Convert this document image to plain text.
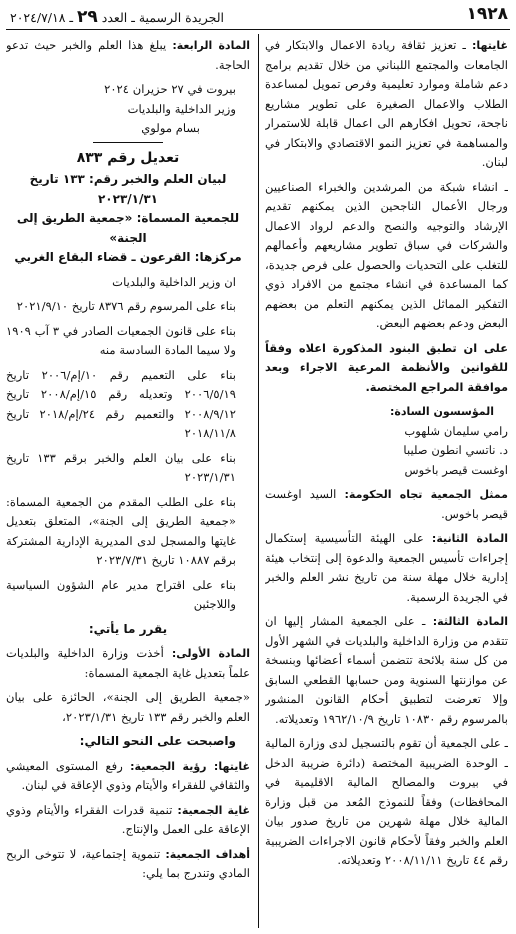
١٩٢٨
الجريدة الرسمية ـ العدد ٢٩ ـ ٢٠٢٤/٧/١٨

غايتها: ـ تعزيز ثقافة ريادة الاعمال والابتكار في الجامعات والمجتمع اللبناني من خلال تقديم برامج دعم شاملة وموارد تعليمية وفرص تمويل لمساعدة الطلاب والاعمال الصغيرة على تطوير مشاريع ناجحة، تحويل افكارهم الى اعمال قابلة للاستمرار والمساهمة في تعزيز النمو الاقتصادي والابتكار في لبنان.

ـ انشاء شبكة من المرشدين والخبراء الصناعيين ورجال الأعمال الناجحين الذين يمكنهم تقديم الإرشاد والتوجيه والنصح والدعم لرواد الاعمال والشركات في سباق تطوير مشاريعهم وأعمالهم للتغلب على التحديات والحصول على فرص جديدة، كما المساعدة في انشاء مجتمع من الافراد ذوي التفكير المماثل الذين يمكنهم التعلم من بعضهم البعض ودعم بعضهم البعض.

على ان تطبق البنود المذكورة اعلاه وفقاً للقوانين والأنظمة المرعية الاجراء وبعد موافقة المراجع المختصة.

المؤسسون السادة:

رامي سليمان شلهوب

د. ناتسي انطون صليبا

اوغست قيصر باخوس

ممثل الجمعية تجاه الحكومة: السيد اوغست قيصر باخوس.

المادة الثانية: على الهيئة التأسيسية إستكمال إجراءات تأسيس الجمعية والدعوة إلى إنتخاب هيئة إدارية خلال مهلة سنة من تاريخ نشر العلم والخبر في الجريدة الرسمية.

المادة الثالثة: ـ على الجمعية المشار إليها ان تتقدم من وزارة الداخلية والبلديات في الشهر الأول من كل سنة بلائحة تتضمن أسماء أعضائها وبنسخة عن موازنتها السنوية ومن حسابها القطعي السابق وإلا تعرضت لتطبيق أحكام القانون المنشور بالمرسوم رقم ١٠٨٣٠ تاريخ ١٩٦٢/١٠/٩ وتعديلاته.

ـ على الجمعية أن تقوم بالتسجيل لدى وزارة المالية ـ الوحدة الضريبية المختصة (دائرة ضريبة الدخل في بيروت والمصالح المالية الاقليمية في المحافظات) وفقاً للنموذج المُعد من قبل وزارة المالية خلال مهلة شهرين من تاريخ صدور بيان العلم والخبر وفقاً لأحكام قانون الاجراءات الضريبية رقم ٤٤ تاريخ ٢٠٠٨/١١/١١ وتعديلاته.

المادة الرابعة: يبلغ هذا العلم والخبر حيث تدعو الحاجة.

بيروت في ٢٧ حزيران ٢٠٢٤

وزير الداخلية والبلديات

بسام مولوي

تعديل رقم ٨٣٣

لبيان العلم والخبر رقم: ١٣٣ تاريخ ٢٠٢٣/١/٣١

للجمعية المسماة: «جمعية الطريق إلى الجنة»

مركزها: القرعون ـ قضاء البقاع الغربي

ان وزير الداخلية والبلديات

بناء على المرسوم رقم ٨٣٧٦ تاريخ ٢٠٢١/٩/١٠

بناء على قانون الجمعيات الصادر في ٣ آب ١٩٠٩ ولا سيما المادة السادسة منه

بناء على التعميم رقم ١٠/إم/٢٠٠٦ تاريخ ٢٠٠٦/٥/١٩ وتعديله رقم ١٥/إم/٢٠٠٨ تاريخ ٢٠٠٨/٩/١٢ والتعميم رقم ٢٤/إم/٢٠١٨ تاريخ ٢٠١٨/١١/٨

بناء على بيان العلم والخبر برقم ١٣٣ تاريخ ٢٠٢٣/١/٣١

بناء على الطلب المقدم من الجمعية المسماة: «جمعية الطريق إلى الجنة»، المتعلق بتعديل غايتها والمسجل لدى المديرية الإدارية المشتركة برقم ١٠٨٨٧ تاريخ ٢٠٢٣/٧/٣١

بناء على اقتراح مدير عام الشؤون السياسية واللاجئين

يقرر ما يأتي:

المادة الأولى: أخذت وزارة الداخلية والبلديات علماً بتعديل غاية الجمعية المسماة:

«جمعية الطريق إلى الجنة»، الحائزة على بيان العلم والخبر رقم ١٣٣ تاريخ ٢٠٢٣/١/٣١،

واصبحت على النحو التالي:

غايتها: رؤية الجمعية: رفع المستوى المعيشي والثقافي للفقراء والأيتام وذوي الإعاقة في لبنان.

غاية الجمعية: تنمية قدرات الفقراء والأيتام وذوي الإعاقة على العمل والإنتاج.

أهداف الجمعية: تنموية إجتماعية، لا تتوخى الربح المادي وتندرج بما يلي:
